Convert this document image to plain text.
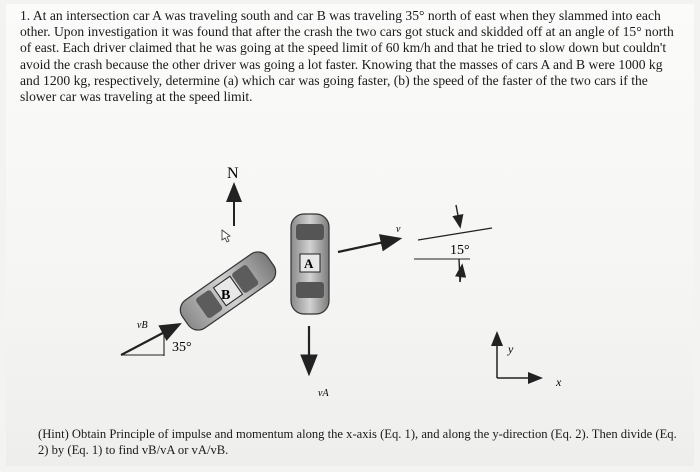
1. At an intersection car A was traveling south and car B was traveling 35° north of east when they slammed into each other. Upon investigation it was found that after the crash the two cars got stuck and skidded off at an angle of 15° north of east. Each driver claimed that he was going at the speed limit of 60 km/h and that he tried to slow down but couldn't avoid the crash because the other driver was going a lot faster. Knowing that the masses of cars A and B were 1000 kg and 1200 kg, respectively, determine (a) which car was going faster, (b) the speed of the faster of the two cars if the slower car was traveling at the speed limit.

N
B
A
v
15°
vB
35°
vA
y
x

(Hint) Obtain Principle of impulse and momentum along the x-axis (Eq. 1), and along the y-direction (Eq. 2). Then divide (Eq. 2) by (Eq. 1) to find vB/vA or vA/vB.
